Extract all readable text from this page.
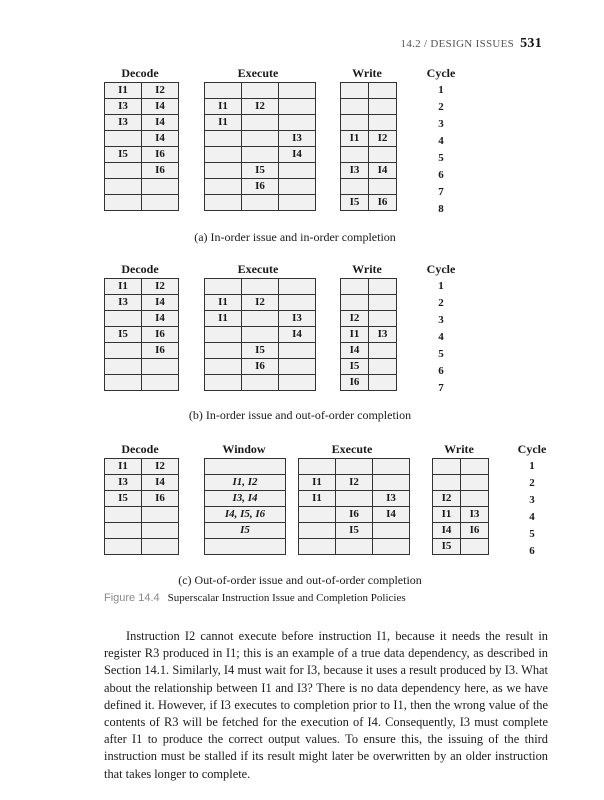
14.2 / DESIGN ISSUES 531
Decode
I1	I2
I3	I4
I3	I4
	I4
I5	I6
	I6

Execute

I1	I2	
I1		
		I3
		I4
	I5	
	I6	

Write

I1	I2

I3	I4

I5	I6
Cycle
1
2
3
4
5
6
7
8
(a) In-order issue and in-order completion
Decode
I1	I2
I3	I4
	I4
I5	I6
	I6

Execute

I1	I2	
I1		I3
		I4
	I5	
	I6	

Write

I2	
I1	I3
I4	
I5	
I6	
Cycle
1
2
3
4
5
6
7
(b) In-order issue and out-of-order completion
Decode
I1	I2
I3	I4
I5	I6

Window

I1, I2
I3, I4
I4, I5, I6
I5

Execute

I1	I2	
I1		I3
	I6	I4
	I5	

Write

I2	
I1	I3
I4	I6
I5	
Cycle
1
2
3
4
5
6
(c) Out-of-order issue and out-of-order completion
Figure 14.4 Superscalar Instruction Issue and Completion Policies

Instruction I2 cannot execute before instruction I1, because it needs the result in register R3 produced in I1; this is an example of a true data dependency, as described in Section 14.1. Similarly, I4 must wait for I3, because it uses a result produced by I3. What about the relationship between I1 and I3? There is no data dependency here, as we have defined it. However, if I3 executes to completion prior to I1, then the wrong value of the contents of R3 will be fetched for the execution of I4. Consequently, I3 must complete after I1 to produce the correct output values. To ensure this, the issuing of the third instruction must be stalled if its result might later be overwritten by an older instruction that takes longer to complete.
